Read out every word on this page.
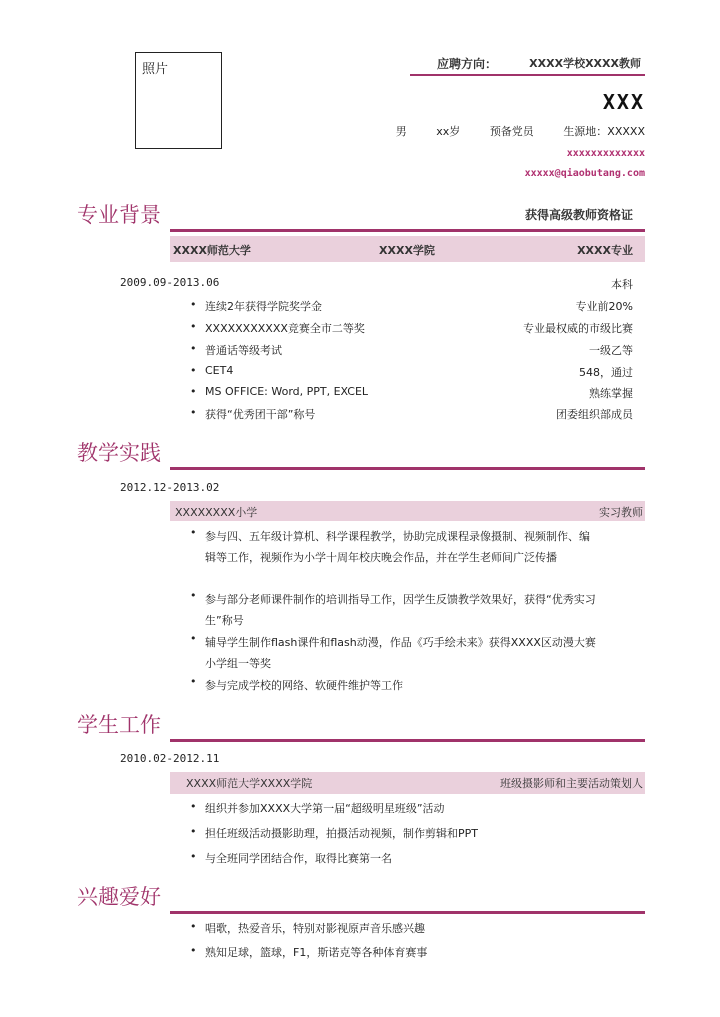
照片	应聘方向：	XXXX学校XXXX教师
XXX
男	xx岁	预备党员	生源地：XXXXX
xxxxxxxxxxxxx
xxxxx@qiaobutang.com
专业背景	获得高级教师资格证
XXXX师范大学	XXXX学院	XXXX专业
2009.09-2013.06	本科
• 连续2年获得学院奖学金	专业前20%
• XXXXXXXXXXX竞赛全市二等奖	专业最权威的市级比赛
• 普通话等级考试	一级乙等
• CET4	548，通过
• MS OFFICE: Word, PPT, EXCEL	熟练掌握
• 获得“优秀团干部”称号	团委组织部成员
教学实践
2012.12-2013.02
XXXXXXXX小学	实习教师
• 参与四、五年级计算机、科学课程教学，协助完成课程录像摄制、视频制作、编辑等工作，视频作为小学十周年校庆晚会作品，并在学生老师间广泛传播
• 参与部分老师课件制作的培训指导工作，因学生反馈教学效果好，获得“优秀实习生”称号
• 辅导学生制作flash课件和flash动漫，作品《巧手绘未来》获得XXXX区动漫大赛小学组一等奖
• 参与完成学校的网络、软硬件维护等工作
学生工作
2010.02-2012.11
XXXX师范大学XXXX学院	班级摄影师和主要活动策划人
• 组织并参加XXXX大学第一届“超级明星班级”活动
• 担任班级活动摄影助理，拍摄活动视频，制作剪辑和PPT
• 与全班同学团结合作，取得比赛第一名
兴趣爱好
• 唱歌，热爱音乐，特别对影视原声音乐感兴趣
• 熟知足球，篮球，F1，斯诺克等各种体育赛事
